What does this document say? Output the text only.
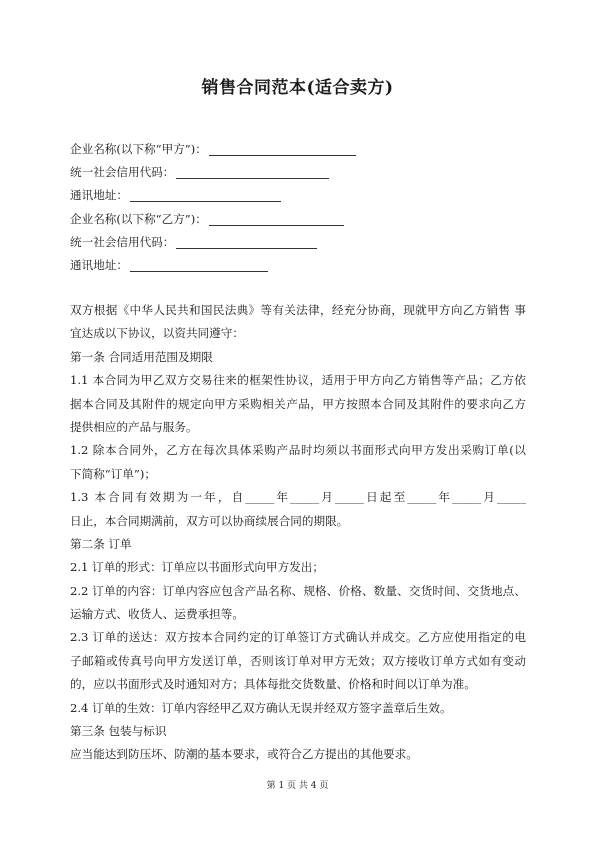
销售合同范本(适合卖方)
企业名称(以下称“甲方”)：
统一社会信用代码：
通讯地址：
企业名称(以下称“乙方”)：
统一社会信用代码：
通讯地址：
双方根据《中华人民共和国民法典》等有关法律，经充分协商，现就甲方向乙方销售 事
宜达成以下协议，以资共同遵守：
第一条 合同适用范围及期限
1.1 本合同为甲乙双方交易往来的框架性协议，适用于甲方向乙方销售等产品；乙方依
据本合同及其附件的规定向甲方采购相关产品，甲方按照本合同及其附件的要求向乙方
提供相应的产品与服务。
1.2 除本合同外，乙方在每次具体采购产品时均须以书面形式向甲方发出采购订单(以
下简称“订单”)；
1.3 本合同有效期为一年，自_____年_____月_____日起至_____年_____月_____
日止，本合同期满前，双方可以协商续展合同的期限。
第二条 订单
2.1 订单的形式：订单应以书面形式向甲方发出；
2.2 订单的内容：订单内容应包含产品名称、规格、价格、数量、交货时间、交货地点、
运输方式、收货人、运费承担等。
2.3 订单的送达：双方按本合同约定的订单签订方式确认并成交。乙方应使用指定的电
子邮箱或传真号向甲方发送订单，否则该订单对甲方无效；双方接收订单方式如有变动
的，应以书面形式及时通知对方；具体每批交货数量、价格和时间以订单为准。
2.4 订单的生效：订单内容经甲乙双方确认无误并经双方签字盖章后生效。
第三条 包装与标识
应当能达到防压坏、防潮的基本要求，或符合乙方提出的其他要求。
第 1 页 共 4 页
